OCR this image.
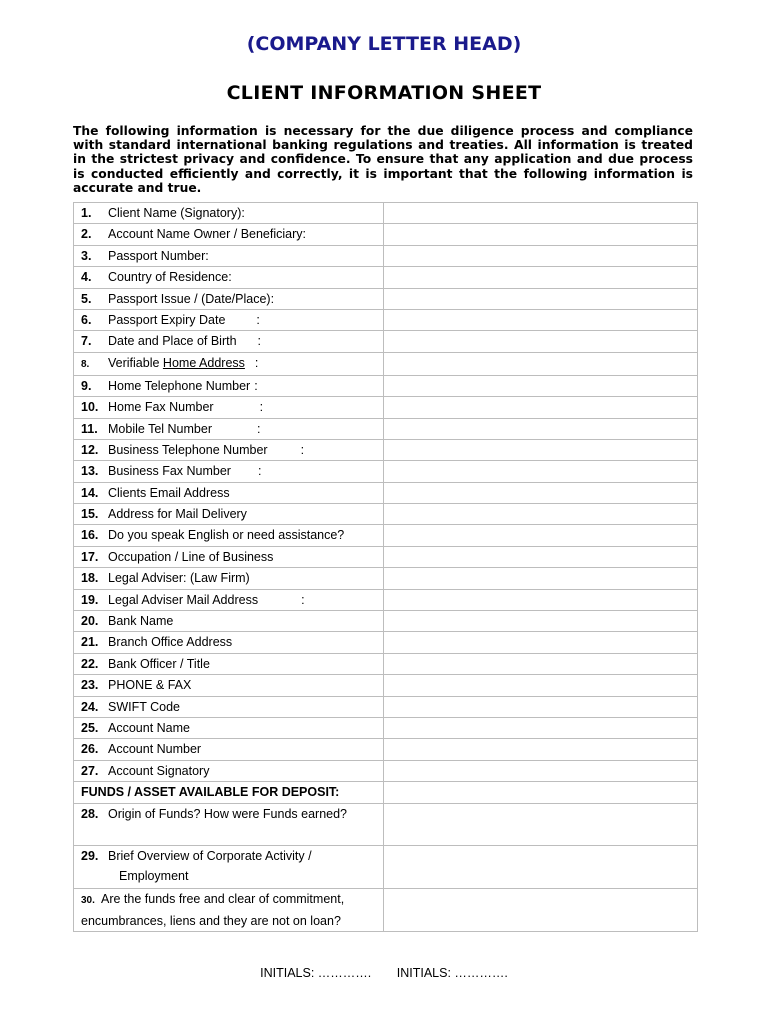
(COMPANY LETTER HEAD)
CLIENT INFORMATION SHEET

The following information is necessary for the due diligence process and compliance with standard international banking regulations and treaties. All information is treated in the strictest privacy and confidence. To ensure that any application and due process is conducted efficiently and correctly, it is important that the following information is accurate and true.

1. Client Name (Signatory):	
2. Account Name Owner / Beneficiary:	
3. Passport Number:	
4. Country of Residence:	
5. Passport Issue / (Date/Place):	
6. Passport Expiry Date :	
7. Date and Place of Birth :	
8. Verifiable Home Address :	
9. Home Telephone Number :	
10. Home Fax Number :	
11. Mobile Tel Number :	
12. Business Telephone Number :	
13. Business Fax Number :	
14. Clients Email Address	
15. Address for Mail Delivery	
16. Do you speak English or need assistance?	
17. Occupation / Line of Business	
18. Legal Adviser: (Law Firm)	
19. Legal Adviser Mail Address :	
20. Bank Name	
21. Branch Office Address	
22. Bank Officer / Title	
23. PHONE & FAX	
24. SWIFT Code	
25. Account Name	
26. Account Number	
27. Account Signatory	
FUNDS / ASSET AVAILABLE FOR DEPOSIT:	
28. Origin of Funds? How were Funds earned?	
29. Brief Overview of Corporate Activity /
Employment	
30. Are the funds free and clear of commitment,
encumbrances, liens and they are not on loan?	
INITIALS: …………. INITIALS: ………….
